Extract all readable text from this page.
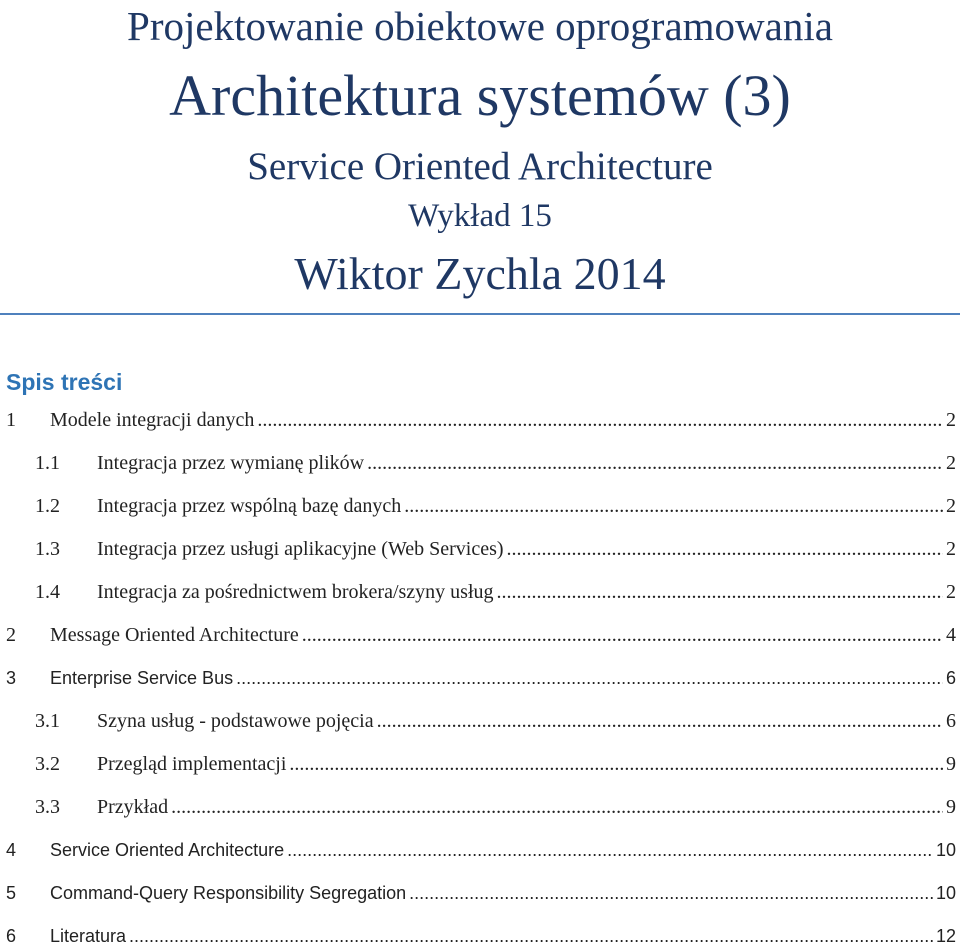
Projektowanie obiektowe oprogramowania
Architektura systemów (3)
Service Oriented Architecture
Wykład 15
Wiktor Zychla 2014
Spis treści
1 Modele integracji danych .....	2
1.1 Integracja przez wymianę plików .....	2
1.2 Integracja przez wspólną bazę danych .....	2
1.3 Integracja przez usługi aplikacyjne (Web Services) .....	2
1.4 Integracja za pośrednictwem brokera/szyny usług .....	2
2 Message Oriented Architecture .....	4
3 Enterprise Service Bus .....	6
3.1 Szyna usług - podstawowe pojęcia .....	6
3.2 Przegląd implementacji .....	9
3.3 Przykład .....	9
4 Service Oriented Architecture .....	10
5 Command-Query Responsibility Segregation .....	10
6 Literatura .....	12
